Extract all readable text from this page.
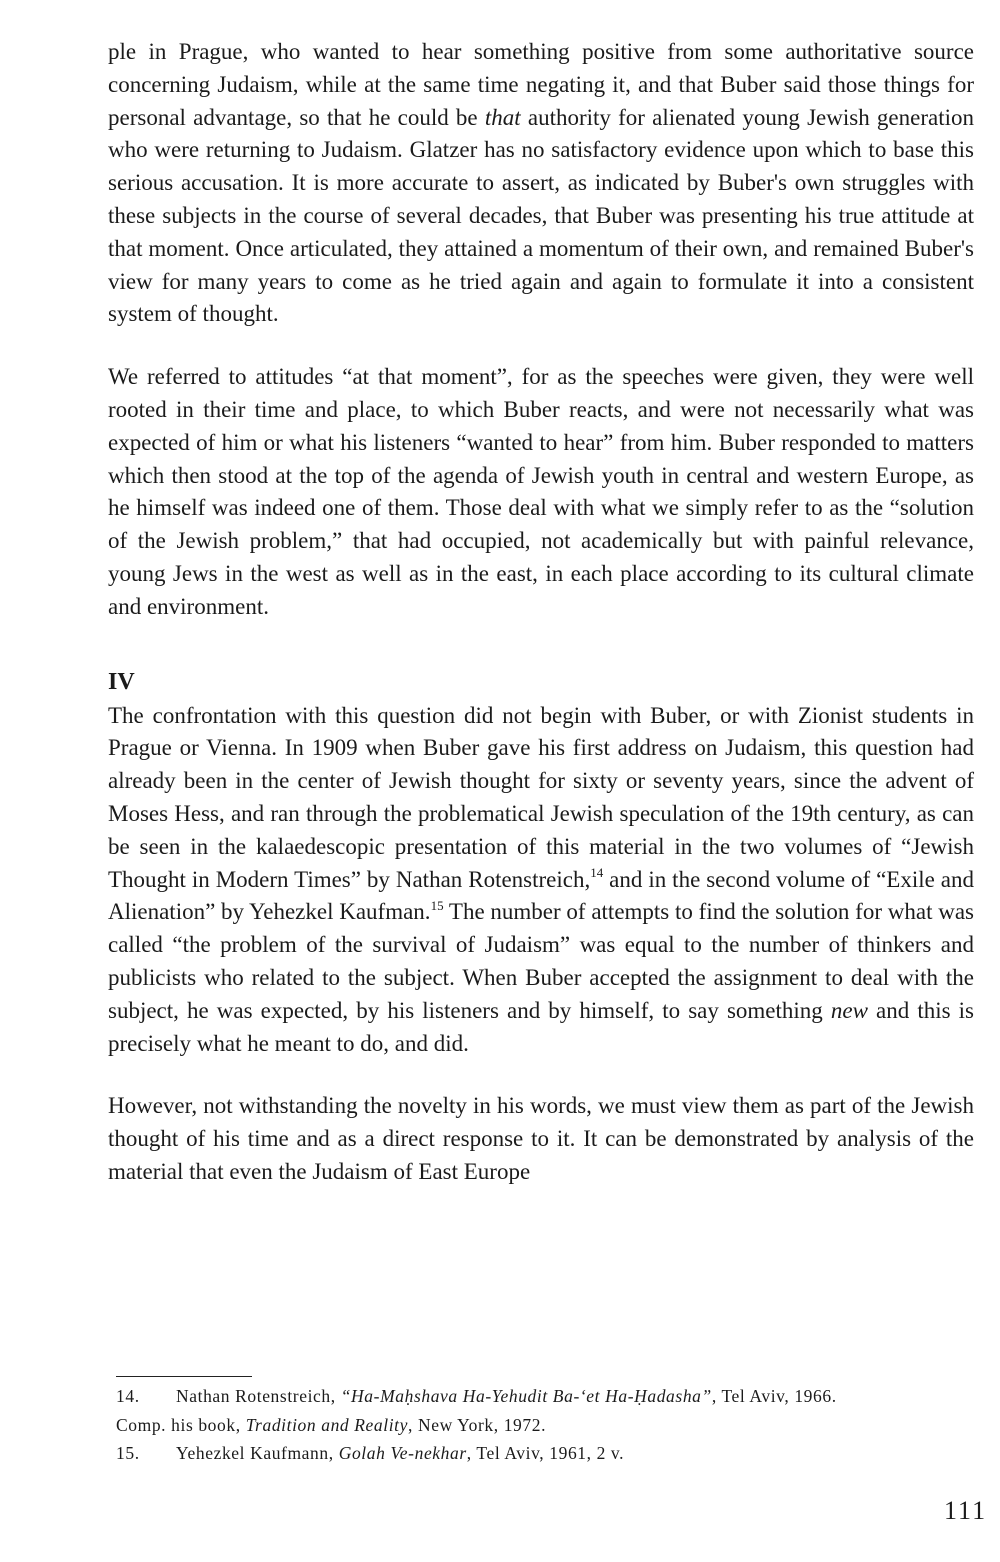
ple in Prague, who wanted to hear something positive from some authoritative source concerning Judaism, while at the same time negating it, and that Buber said those things for personal advantage, so that he could be that authority for alienated young Jewish generation who were returning to Judaism. Glatzer has no satisfactory evidence upon which to base this serious accusation. It is more accurate to assert, as indicated by Buber's own struggles with these subjects in the course of several decades, that Buber was presenting his true attitude at that moment. Once articulated, they attained a momentum of their own, and remained Buber's view for many years to come as he tried again and again to formulate it into a consistent system of thought.

We referred to attitudes “at that moment”, for as the speeches were given, they were well rooted in their time and place, to which Buber reacts, and were not necessarily what was expected of him or what his listeners “wanted to hear” from him. Buber responded to matters which then stood at the top of the agenda of Jewish youth in central and western Europe, as he himself was indeed one of them. Those deal with what we simply refer to as the “solution of the Jewish problem,” that had occupied, not academically but with painful relevance, young Jews in the west as well as in the east, in each place according to its cultural climate and environment.

IV

The confrontation with this question did not begin with Buber, or with Zionist students in Prague or Vienna. In 1909 when Buber gave his first address on Judaism, this question had already been in the center of Jewish thought for sixty or seventy years, since the advent of Moses Hess, and ran through the problematical Jewish speculation of the 19th century, as can be seen in the kalaedescopic presentation of this material in the two volumes of “Jewish Thought in Modern Times” by Nathan Rotenstreich,$^{14}$ and in the second volume of “Exile and Alienation” by Yehezkel Kaufman.$^{15}$ The number of attempts to find the solution for what was called “the problem of the survival of Judaism” was equal to the number of thinkers and publicists who related to the subject. When Buber accepted the assignment to deal with the subject, he was expected, by his listeners and by himself, to say something new and this is precisely what he meant to do, and did.

However, not withstanding the novelty in his words, we must view them as part of the Jewish thought of his time and as a direct response to it. It can be demonstrated by analysis of the material that even the Judaism of East Europe

14. Nathan Rotenstreich, “Ha-Maḥshava Ha-Yehudit Ba-‘et Ha-Ḥadasha”, Tel Aviv, 1966.

Comp. his book, Tradition and Reality, New York, 1972.

15. Yehezkel Kaufmann, Golah Ve-nekhar, Tel Aviv, 1961, 2 v.

111
